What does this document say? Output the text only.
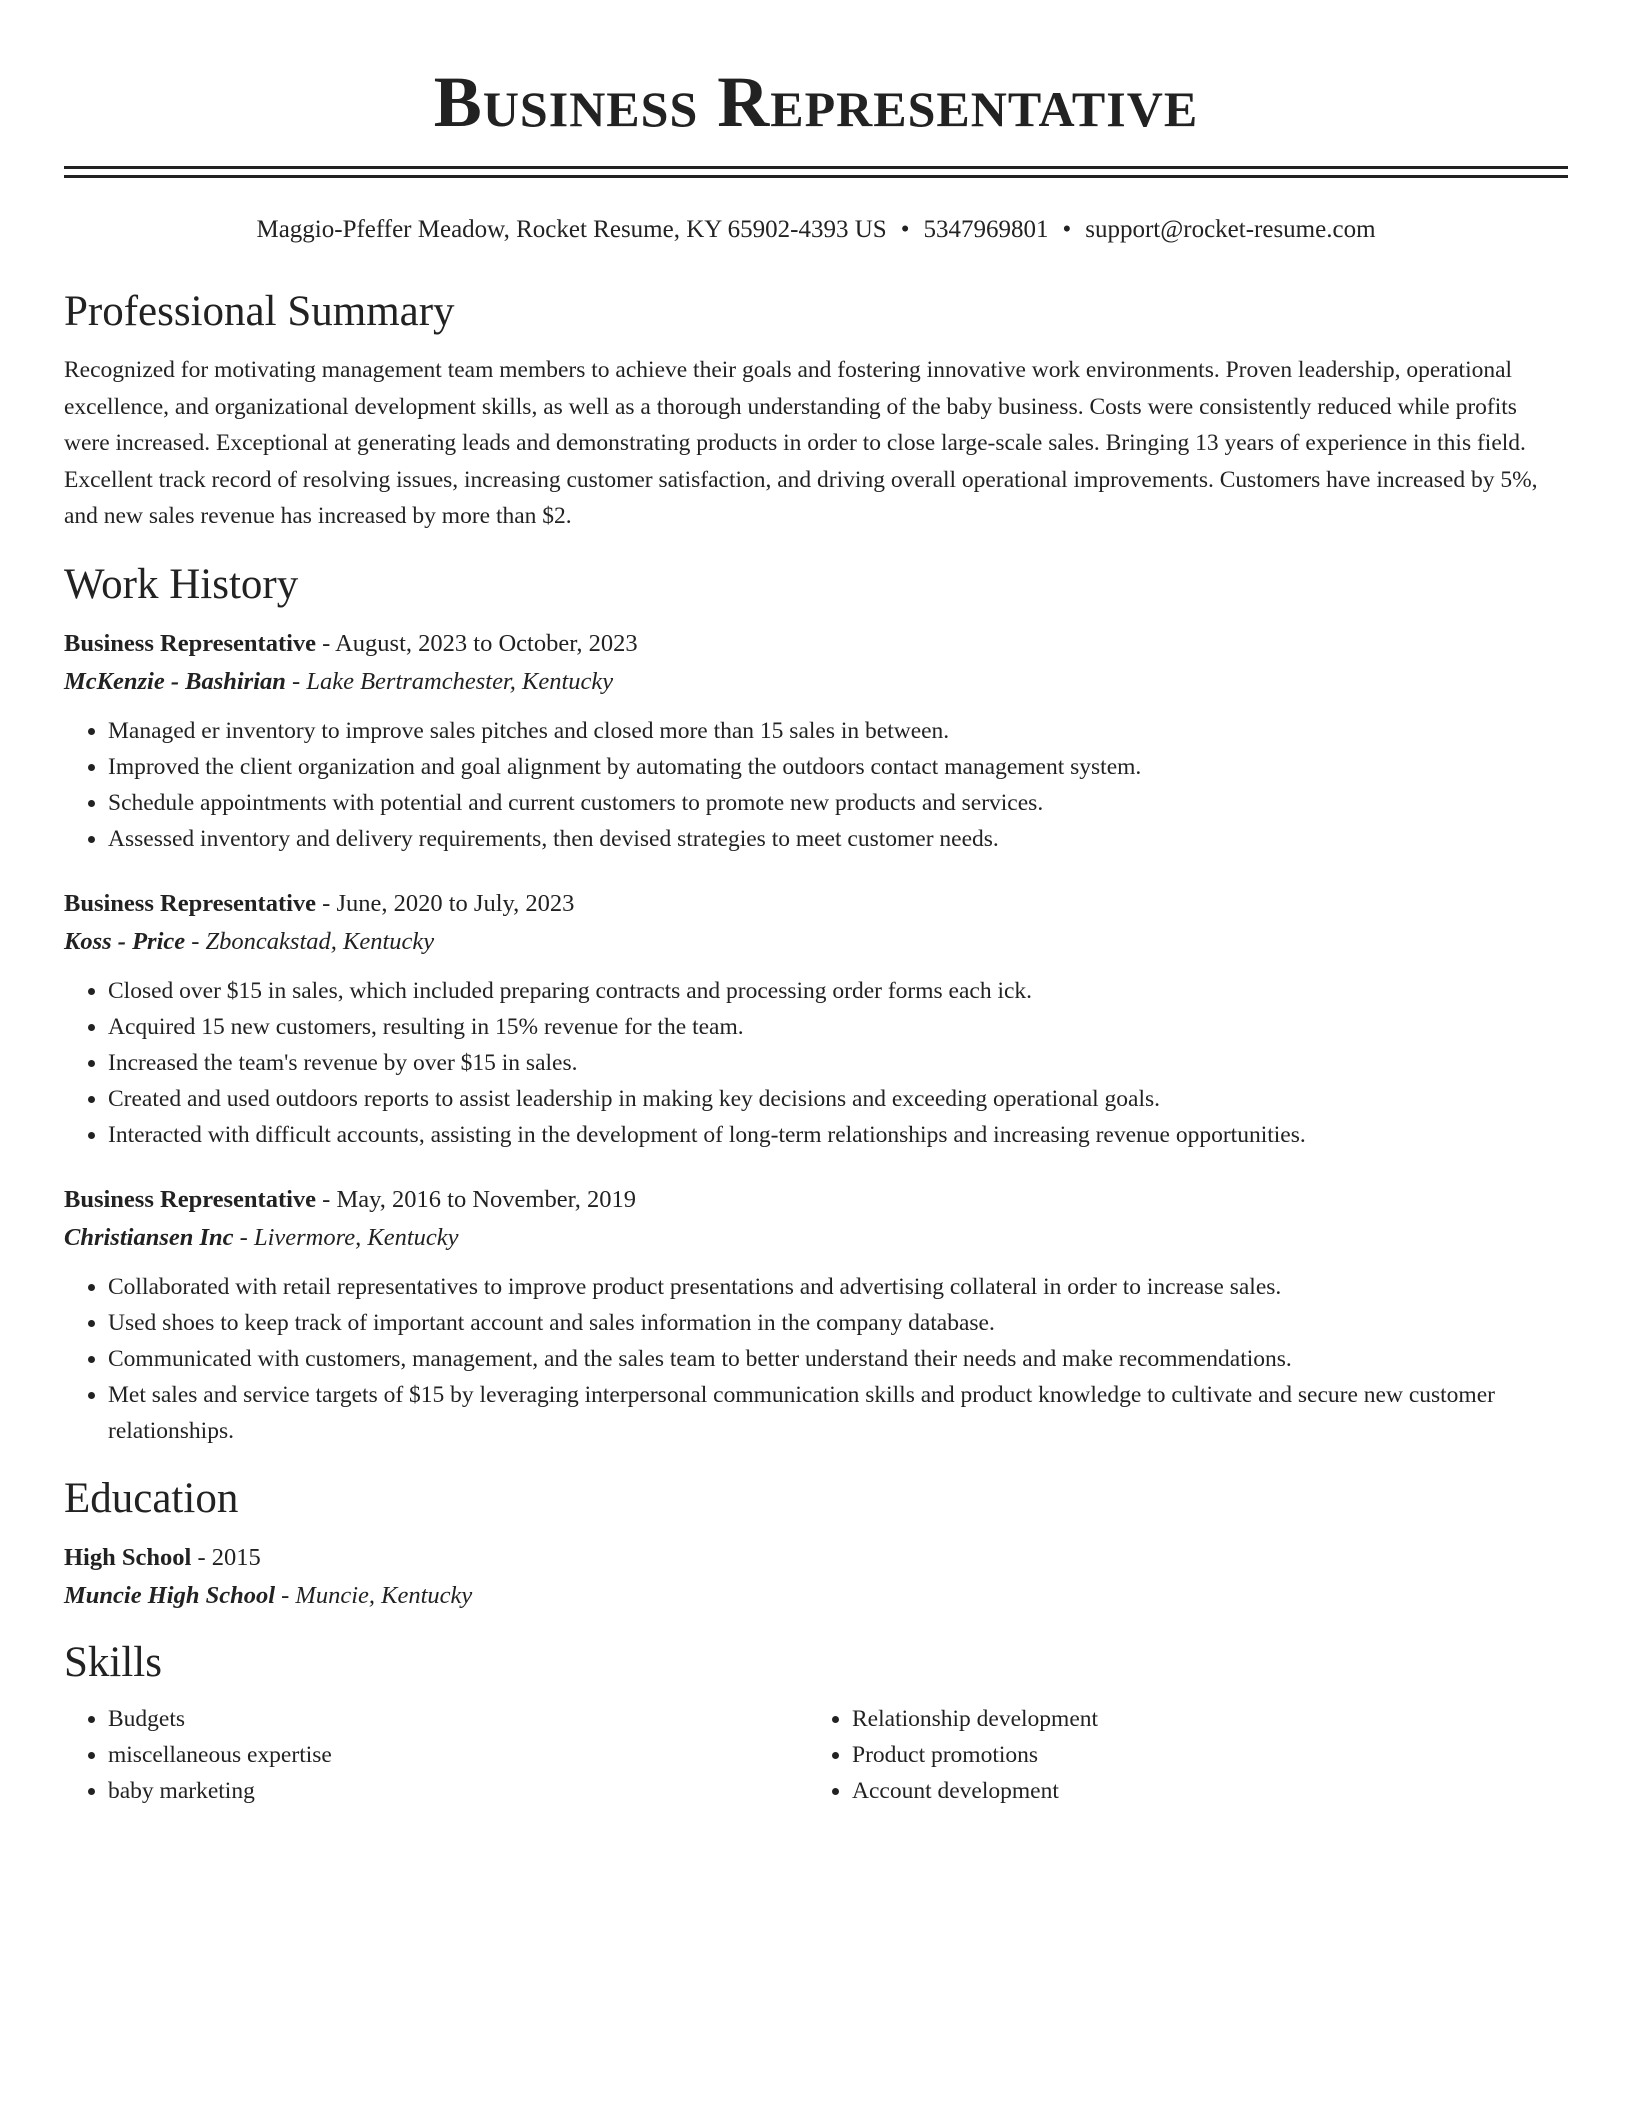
Business Representative
Maggio-Pfeffer Meadow, Rocket Resume, KY 65902-4393 US • 5347969801 • support@rocket-resume.com
Professional Summary
Recognized for motivating management team members to achieve their goals and fostering innovative work environments. Proven leadership, operational excellence, and organizational development skills, as well as a thorough understanding of the baby business. Costs were consistently reduced while profits were increased. Exceptional at generating leads and demonstrating products in order to close large-scale sales. Bringing 13 years of experience in this field. Excellent track record of resolving issues, increasing customer satisfaction, and driving overall operational improvements. Customers have increased by 5%, and new sales revenue has increased by more than $2.
Work History
Business Representative - August, 2023 to October, 2023
McKenzie - Bashirian - Lake Bertramchester, Kentucky
• Managed er inventory to improve sales pitches and closed more than 15 sales in between.
• Improved the client organization and goal alignment by automating the outdoors contact management system.
• Schedule appointments with potential and current customers to promote new products and services.
• Assessed inventory and delivery requirements, then devised strategies to meet customer needs.
Business Representative - June, 2020 to July, 2023
Koss - Price - Zboncakstad, Kentucky
• Closed over $15 in sales, which included preparing contracts and processing order forms each ick.
• Acquired 15 new customers, resulting in 15% revenue for the team.
• Increased the team's revenue by over $15 in sales.
• Created and used outdoors reports to assist leadership in making key decisions and exceeding operational goals.
• Interacted with difficult accounts, assisting in the development of long-term relationships and increasing revenue opportunities.
Business Representative - May, 2016 to November, 2019
Christiansen Inc - Livermore, Kentucky
• Collaborated with retail representatives to improve product presentations and advertising collateral in order to increase sales.
• Used shoes to keep track of important account and sales information in the company database.
• Communicated with customers, management, and the sales team to better understand their needs and make recommendations.
• Met sales and service targets of $15 by leveraging interpersonal communication skills and product knowledge to cultivate and secure new customer relationships.
Education
High School - 2015
Muncie High School - Muncie, Kentucky
Skills
• Budgets
• miscellaneous expertise
• baby marketing
• Relationship development
• Product promotions
• Account development
